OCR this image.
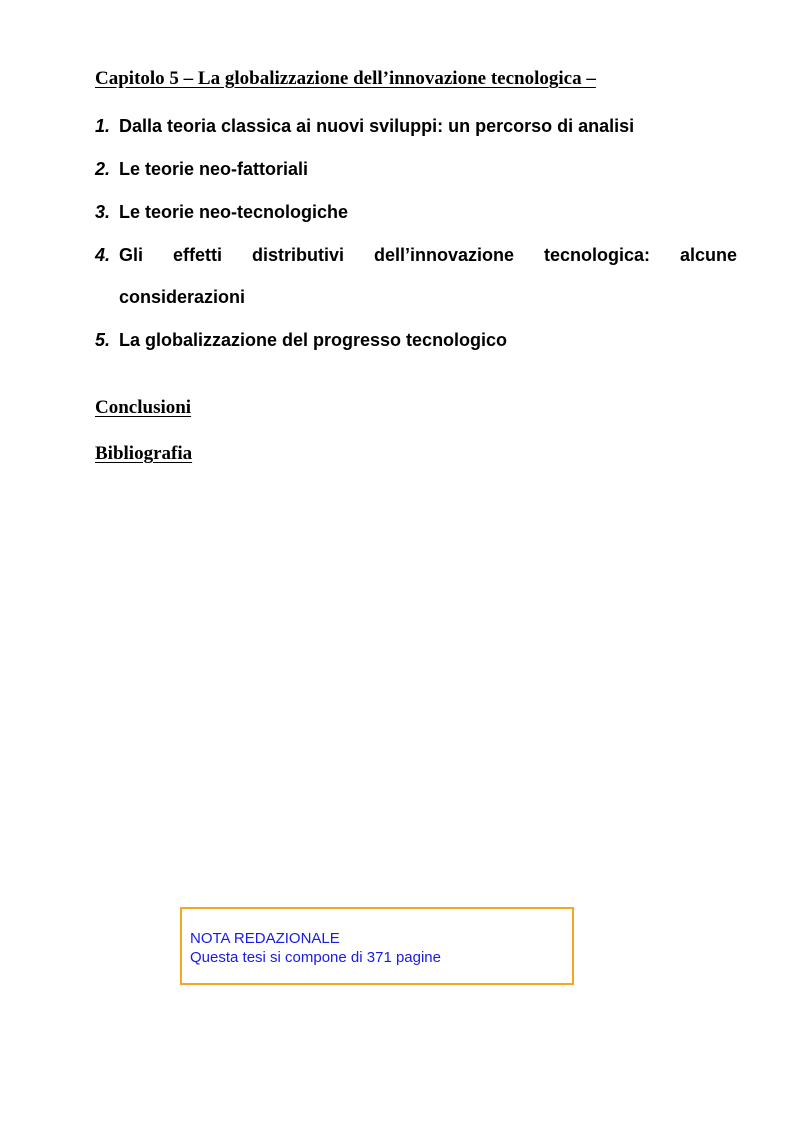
Capitolo 5 – La globalizzazione dell’innovazione tecnologica –
1. Dalla teoria classica ai nuovi sviluppi: un percorso di analisi
2. Le teorie neo-fattoriali
3. Le teorie neo-tecnologiche
4. Gli effetti distributivi dell’innovazione tecnologica: alcune
considerazioni
5. La globalizzazione del progresso tecnologico
Conclusioni
Bibliografia
NOTA REDAZIONALE
Questa tesi si compone di 371 pagine
